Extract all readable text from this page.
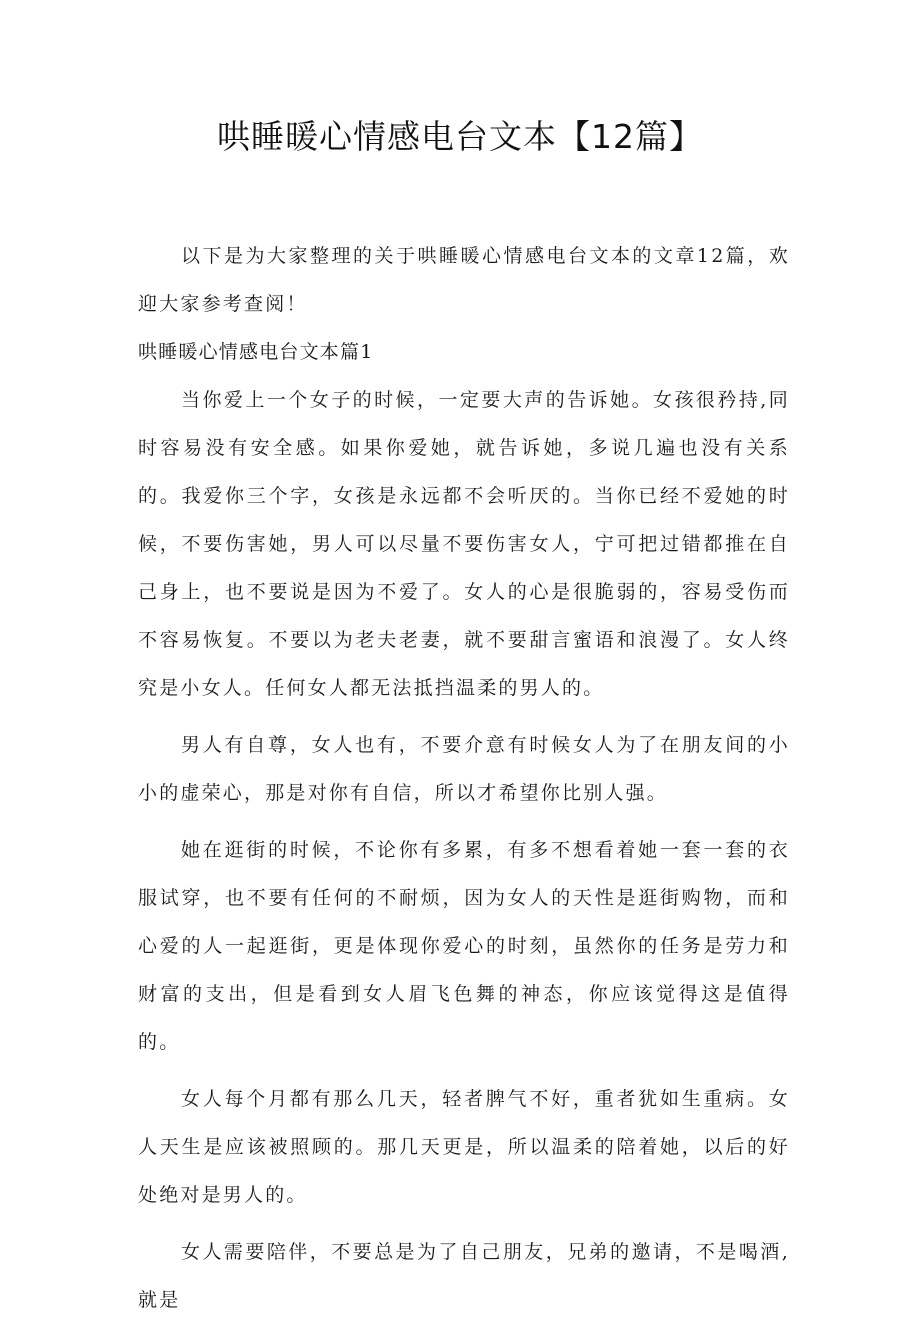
哄睡暖心情感电台文本【12篇】

以下是为大家整理的关于哄睡暖心情感电台文本的文章12篇，欢迎大家参考查阅！

哄睡暖心情感电台文本篇1

当你爱上一个女子的时候，一定要大声的告诉她。女孩很矜持,同时容易没有安全感。如果你爱她，就告诉她，多说几遍也没有关系的。我爱你三个字，女孩是永远都不会听厌的。当你已经不爱她的时候，不要伤害她，男人可以尽量不要伤害女人，宁可把过错都推在自己身上，也不要说是因为不爱了。女人的心是很脆弱的，容易受伤而不容易恢复。不要以为老夫老妻，就不要甜言蜜语和浪漫了。女人终究是小女人。任何女人都无法抵挡温柔的男人的。

男人有自尊，女人也有，不要介意有时候女人为了在朋友间的小小的虚荣心，那是对你有自信，所以才希望你比别人强。

她在逛街的时候，不论你有多累，有多不想看着她一套一套的衣服试穿，也不要有任何的不耐烦，因为女人的天性是逛街购物，而和心爱的人一起逛街，更是体现你爱心的时刻，虽然你的任务是劳力和财富的支出，但是看到女人眉飞色舞的神态，你应该觉得这是值得的。

女人每个月都有那么几天，轻者脾气不好，重者犹如生重病。女人天生是应该被照顾的。那几天更是，所以温柔的陪着她，以后的好处绝对是男人的。

女人需要陪伴，不要总是为了自己朋友，兄弟的邀请，不是喝酒,就是
